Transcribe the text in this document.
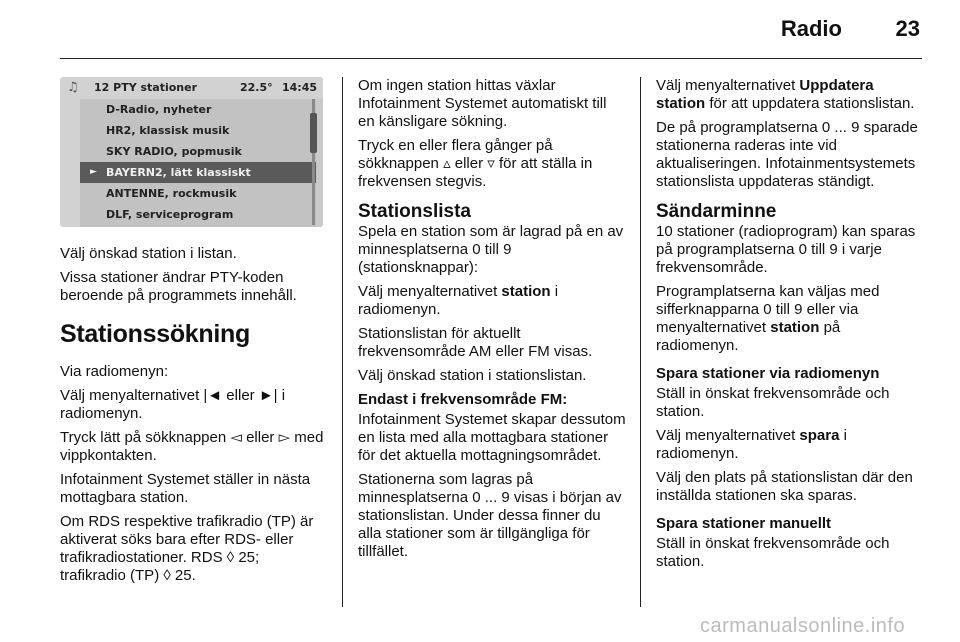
Radio 23
♫ 12 PTY stationer	22.5° 14:45
D-Radio, nyheter
HR2, klassisk musik
SKY RADIO, popmusik
► BAYERN2, lätt klassiskt
ANTENNE, rockmusik
DLF, serviceprogram

Välj önskad station i listan.

Vissa stationer ändrar PTY-koden beroende på programmets innehåll.

Stationssökning

Via radiomenyn:

Välj menyalternativet |◄ eller ►| i radiomenyn.

Tryck lätt på sökknappen ◅ eller ▻ med vippkontakten.

Infotainment Systemet ställer in nästa mottagbara station.

Om RDS respektive trafikradio (TP) är aktiverat söks bara efter RDS- eller trafikradiostationer. RDS ◊ 25; trafikradio (TP) ◊ 25.

Om ingen station hittas växlar Infotainment Systemet automatiskt till en känsligare sökning.

Tryck en eller flera gånger på sökknappen ▵ eller ▿ för att ställa in frekvensen stegvis.

Stationslista

Spela en station som är lagrad på en av minnesplatserna 0 till 9 (stationsknappar):

Välj menyalternativet station i radiomenyn.

Stationslistan för aktuellt frekvensområde AM eller FM visas.

Välj önskad station i stationslistan.

Endast i frekvensområde FM:

Infotainment Systemet skapar dessutom en lista med alla mottagbara stationer för det aktuella mottagningsområdet.

Stationerna som lagras på minnesplatserna 0 ... 9 visas i början av stationslistan. Under dessa finner du alla stationer som är tillgängliga för tillfället.

Välj menyalternativet Uppdatera station för att uppdatera stationslistan.

De på programplatserna 0 ... 9 sparade stationerna raderas inte vid aktualiseringen. Infotainmentsystemets stationslista uppdateras ständigt.

Sändarminne

10 stationer (radioprogram) kan sparas på programplatserna 0 till 9 i varje frekvensområde.

Programplatserna kan väljas med sifferknapparna 0 till 9 eller via menyalternativet station på radiomenyn.

Spara stationer via radiomenyn

Ställ in önskat frekvensområde och station.

Välj menyalternativet spara i radiomenyn.

Välj den plats på stationslistan där den inställda stationen ska sparas.

Spara stationer manuellt

Ställ in önskat frekvensområde och station.

carmanualsonline.info
